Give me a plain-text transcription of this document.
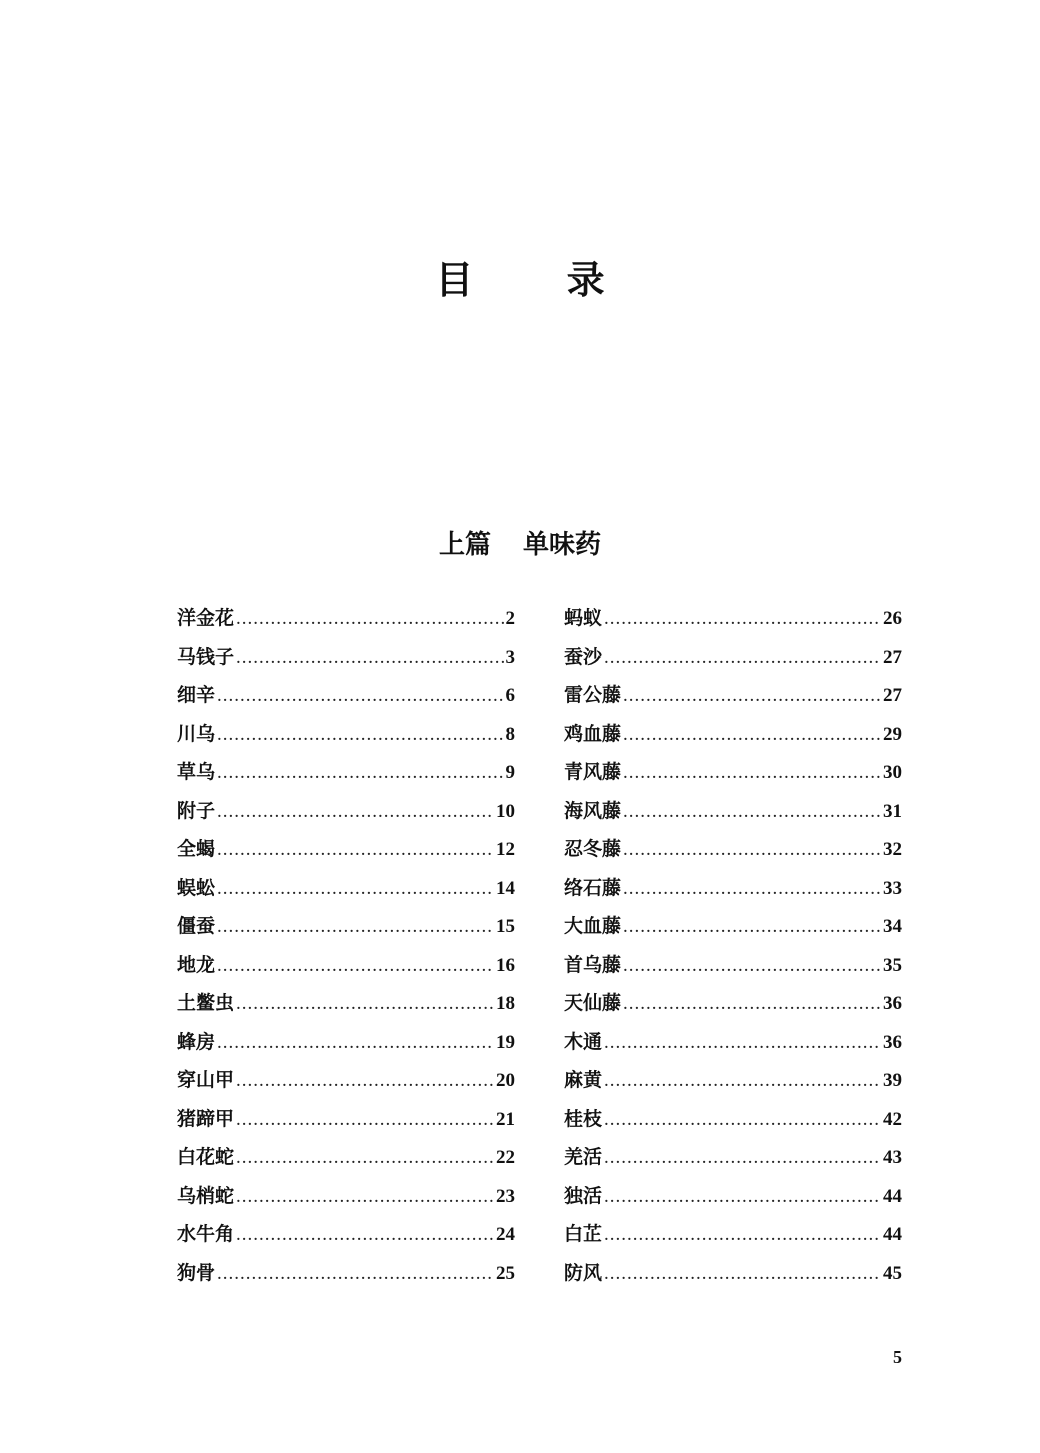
目 录
上篇 单味药
洋金花 .....	2
马钱子 .....	3
细辛 .....	6
川乌 .....	8
草乌 .....	9
附子 .....	10
全蝎 .....	12
蜈蚣 .....	14
僵蚕 .....	15
地龙 .....	16
土鳖虫 .....	18
蜂房 .....	19
穿山甲 .....	20
猪蹄甲 .....	21
白花蛇 .....	22
乌梢蛇 .....	23
水牛角 .....	24
狗骨 .....	25
蚂蚁 .....	26
蚕沙 .....	27
雷公藤 .....	27
鸡血藤 .....	29
青风藤 .....	30
海风藤 .....	31
忍冬藤 .....	32
络石藤 .....	33
大血藤 .....	34
首乌藤 .....	35
天仙藤 .....	36
木通 .....	36
麻黄 .....	39
桂枝 .....	42
羌活 .....	43
独活 .....	44
白芷 .....	44
防风 .....	45
5
